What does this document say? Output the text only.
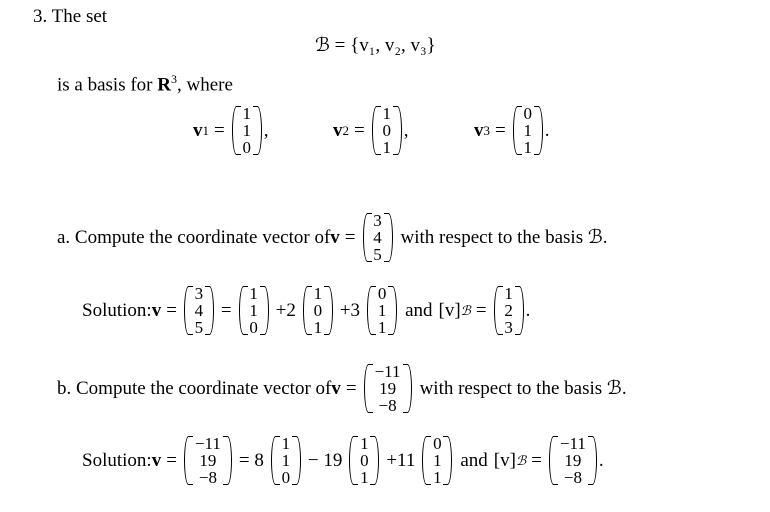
3. The set
ℬ = {v₁, v₂, v₃}
is a basis for $R^3$, where
v 1 =
1
1
0
,	v 2 =
1
0
1
,	v 3 =
0
1
1
.
a. Compute the coordinate vector of v =
3
4
5
with respect to the basis ℬ.
Solution: v =
3
4
5
=
1
1
0
+2
1
0
1
+3
0
1
1
and [v] ℬ =
1
2
3
.
b. Compute the coordinate vector of v =
−11
19
−8
with respect to the basis ℬ.
Solution: v =
−11
19
−8
= 8
1
1
0
− 19
1
0
1
+11
0
1
1
and [v] ℬ =
−11
19
−8
.
